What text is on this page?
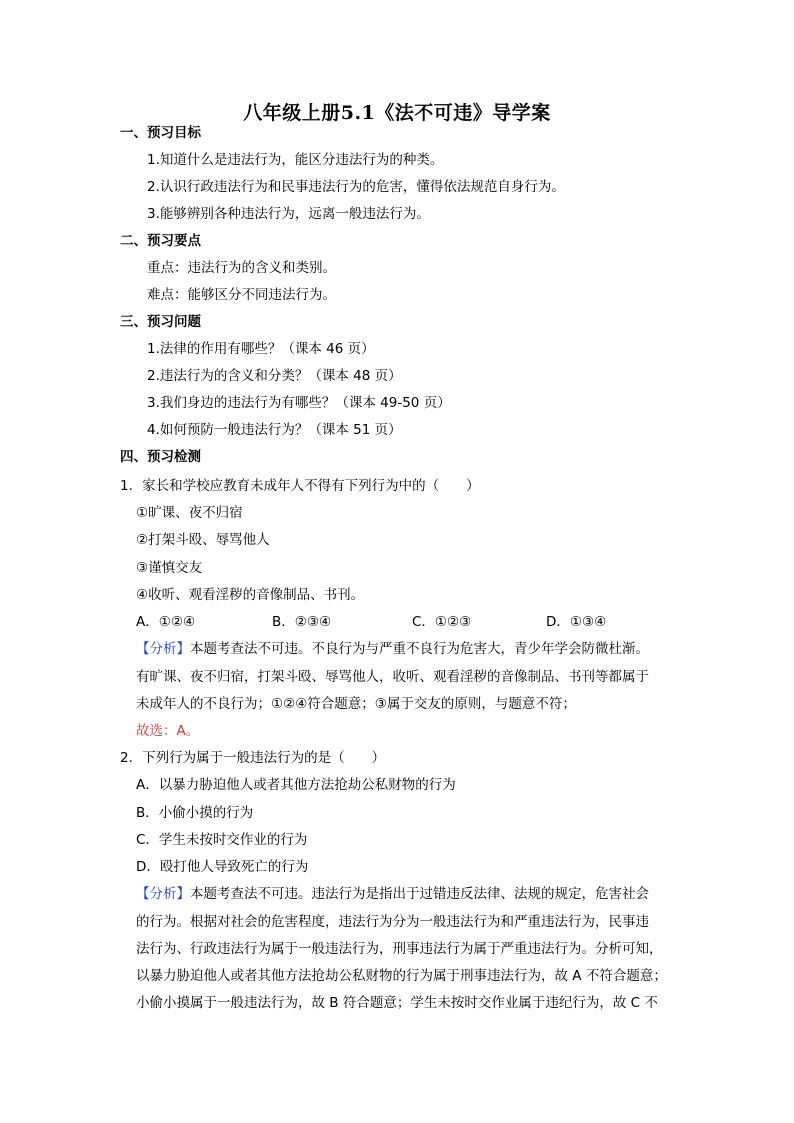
八年级上册5.1《法不可违》导学案
一、预习目标
1.知道什么是违法行为，能区分违法行为的种类。
2.认识行政违法行为和民事违法行为的危害，懂得依法规范自身行为。
3.能够辨别各种违法行为，远离一般违法行为。
二、预习要点
重点：违法行为的含义和类别。
难点：能够区分不同违法行为。
三、预习问题
1.法律的作用有哪些？（课本 46 页）
2.违法行为的含义和分类？（课本 48 页）
3.我们身边的违法行为有哪些？（课本 49-50 页）
4.如何预防一般违法行为？（课本 51 页）
四、预习检测
1．家长和学校应教育未成年人不得有下列行为中的（　　）
①旷课、夜不归宿
②打架斗殴、辱骂他人
③谨慎交友
④收听、观看淫秽的音像制品、书刊。
A．①②④	B．②③④	C．①②③	D．①③④
【分析】本题考查法不可违。不良行为与严重不良行为危害大，青少年学会防微杜渐。
有旷课、夜不归宿，打架斗殴、辱骂他人，收听、观看淫秽的音像制品、书刊等都属于
未成年人的不良行为；①②④符合题意；③属于交友的原则，与题意不符；
故选：A。
2．下列行为属于一般违法行为的是（　　）
A．以暴力胁迫他人或者其他方法抢劫公私财物的行为
B．小偷小摸的行为
C．学生未按时交作业的行为
D．殴打他人导致死亡的行为
【分析】本题考查法不可违。违法行为是指出于过错违反法律、法规的规定，危害社会
的行为。根据对社会的危害程度，违法行为分为一般违法行为和严重违法行为，民事违
法行为、行政违法行为属于一般违法行为，刑事违法行为属于严重违法行为。分析可知，
以暴力胁迫他人或者其他方法抢劫公私财物的行为属于刑事违法行为，故 A 不符合题意；
小偷小摸属于一般违法行为，故 B 符合题意；学生未按时交作业属于违纪行为，故 C 不
